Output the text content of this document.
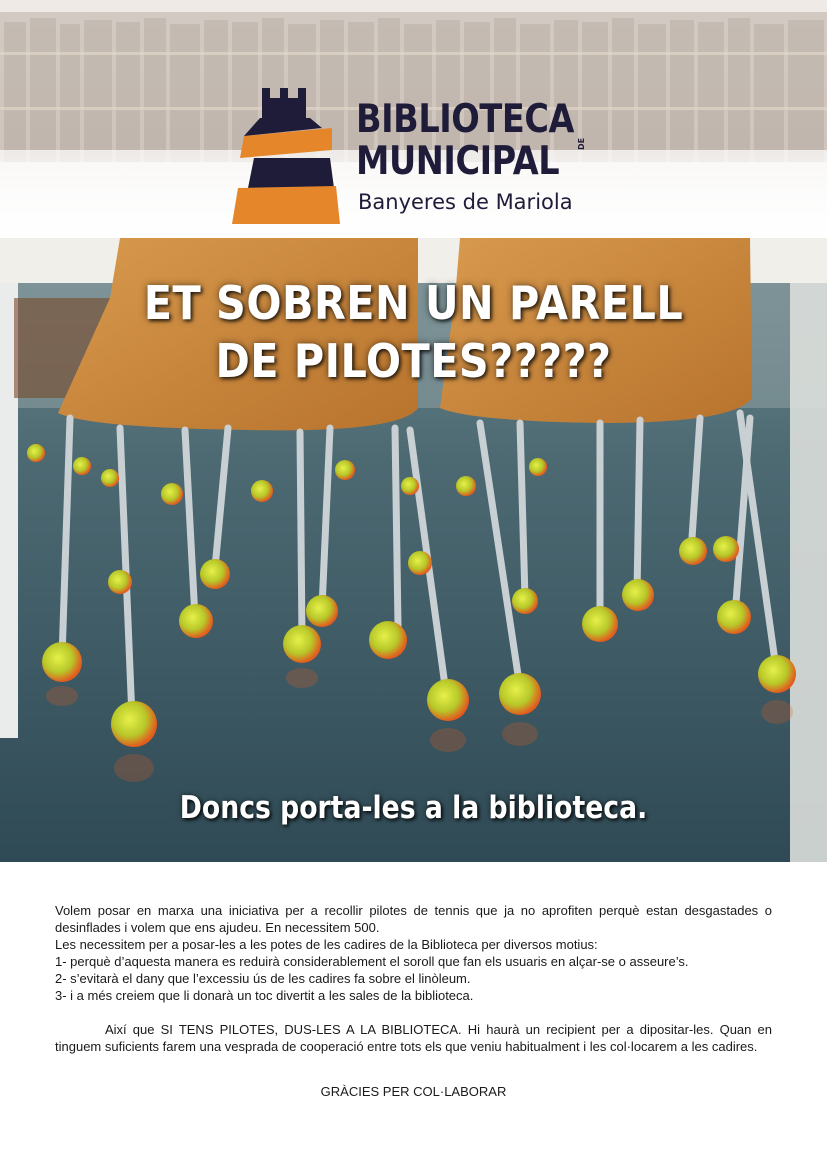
BIBLIOTECA
MUNICIPAL	DE
Banyeres de Mariola
ET SOBREN UN PARELL
DE PILOTES?????
Doncs porta-les a la biblioteca.

Volem posar en marxa una iniciativa per a recollir pilotes de tennis que ja no aprofiten perquè estan desgastades o desinflades i volem que ens ajudeu. En necessitem 500.

Les necessitem per a posar-les a les potes de les cadires de la Biblioteca per diversos motius:

1- perquè d’aquesta manera es reduirà considerablement el soroll que fan els usuaris en alçar-se o asseure’s.

2- s’evitarà el dany que l’excessiu ús de les cadires fa sobre el linòleum.

3- i a més creiem que li donarà un toc divertit a les sales de la biblioteca.

Així que SI TENS PILOTES, DUS-LES A LA BIBLIOTECA. Hi haurà un recipient per a dipositar-les. Quan en tinguem suficients farem una vesprada de cooperació entre tots els que veniu habitualment i les col·locarem a les cadires.

GRÀCIES PER COL·LABORAR
